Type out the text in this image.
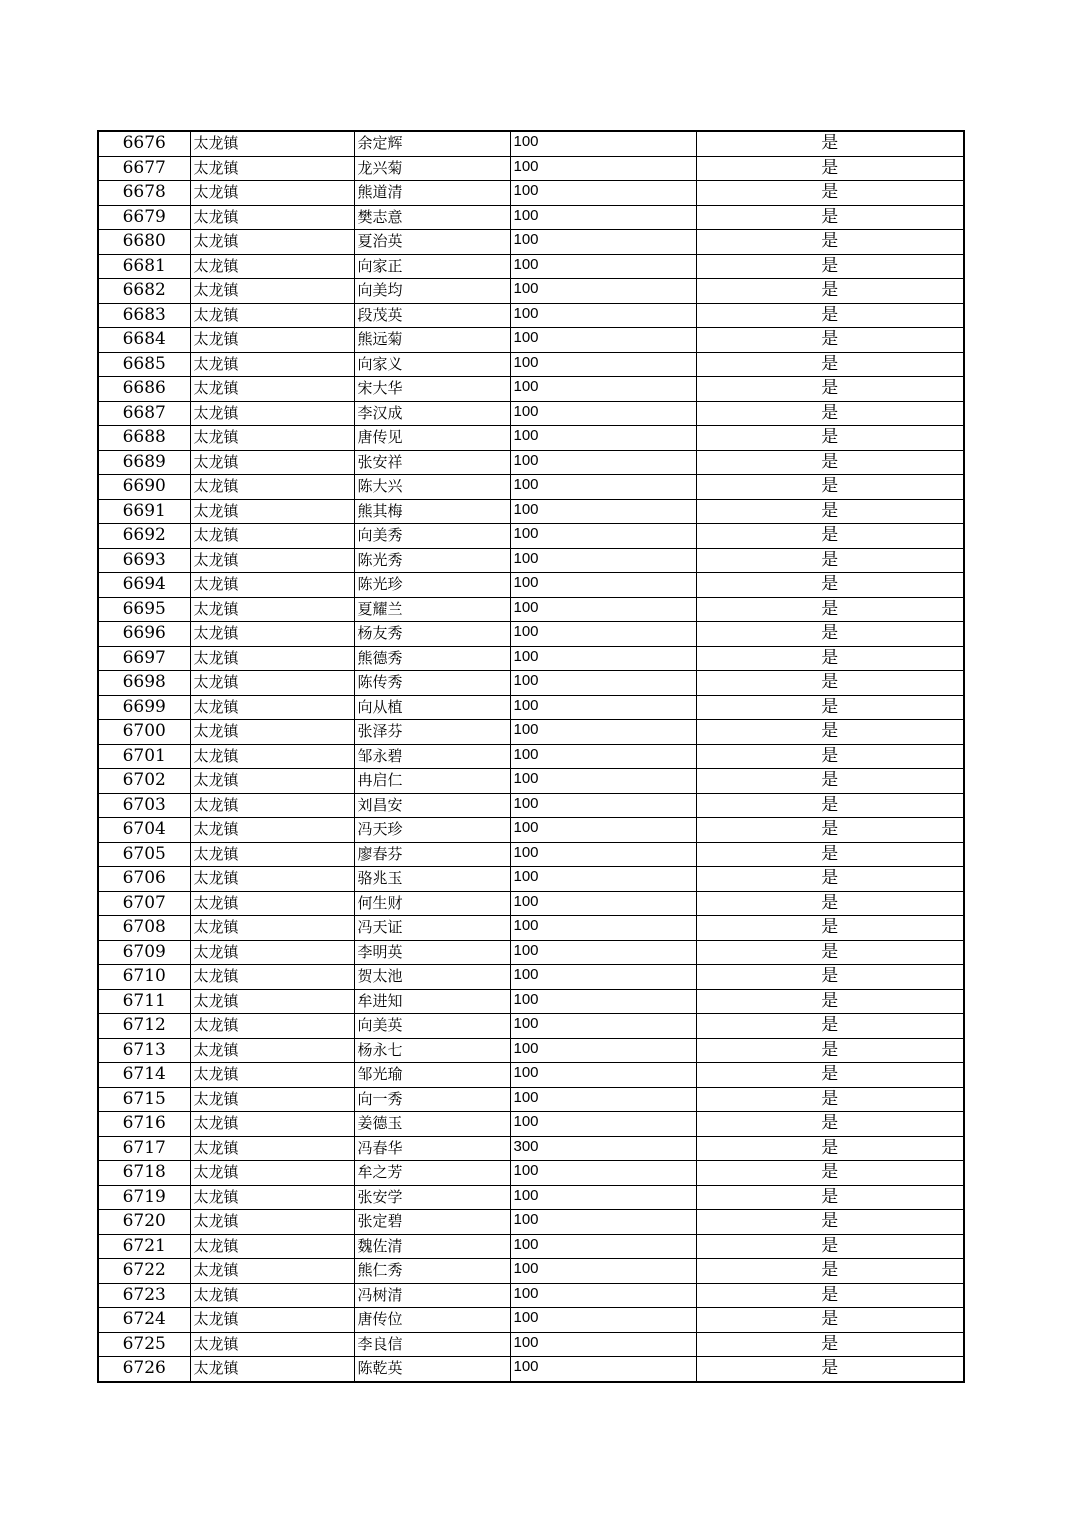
6676	太龙镇	余定辉	100	是
6677	太龙镇	龙兴菊	100	是
6678	太龙镇	熊道清	100	是
6679	太龙镇	樊志意	100	是
6680	太龙镇	夏治英	100	是
6681	太龙镇	向家正	100	是
6682	太龙镇	向美均	100	是
6683	太龙镇	段茂英	100	是
6684	太龙镇	熊远菊	100	是
6685	太龙镇	向家义	100	是
6686	太龙镇	宋大华	100	是
6687	太龙镇	李汉成	100	是
6688	太龙镇	唐传见	100	是
6689	太龙镇	张安祥	100	是
6690	太龙镇	陈大兴	100	是
6691	太龙镇	熊其梅	100	是
6692	太龙镇	向美秀	100	是
6693	太龙镇	陈光秀	100	是
6694	太龙镇	陈光珍	100	是
6695	太龙镇	夏耀兰	100	是
6696	太龙镇	杨友秀	100	是
6697	太龙镇	熊德秀	100	是
6698	太龙镇	陈传秀	100	是
6699	太龙镇	向从植	100	是
6700	太龙镇	张泽芬	100	是
6701	太龙镇	邹永碧	100	是
6702	太龙镇	冉启仁	100	是
6703	太龙镇	刘昌安	100	是
6704	太龙镇	冯天珍	100	是
6705	太龙镇	廖春芬	100	是
6706	太龙镇	骆兆玉	100	是
6707	太龙镇	何生财	100	是
6708	太龙镇	冯天证	100	是
6709	太龙镇	李明英	100	是
6710	太龙镇	贺太池	100	是
6711	太龙镇	牟进知	100	是
6712	太龙镇	向美英	100	是
6713	太龙镇	杨永七	100	是
6714	太龙镇	邹光瑜	100	是
6715	太龙镇	向一秀	100	是
6716	太龙镇	姜德玉	100	是
6717	太龙镇	冯春华	300	是
6718	太龙镇	牟之芳	100	是
6719	太龙镇	张安学	100	是
6720	太龙镇	张定碧	100	是
6721	太龙镇	魏佐清	100	是
6722	太龙镇	熊仁秀	100	是
6723	太龙镇	冯树清	100	是
6724	太龙镇	唐传位	100	是
6725	太龙镇	李良信	100	是
6726	太龙镇	陈乾英	100	是
